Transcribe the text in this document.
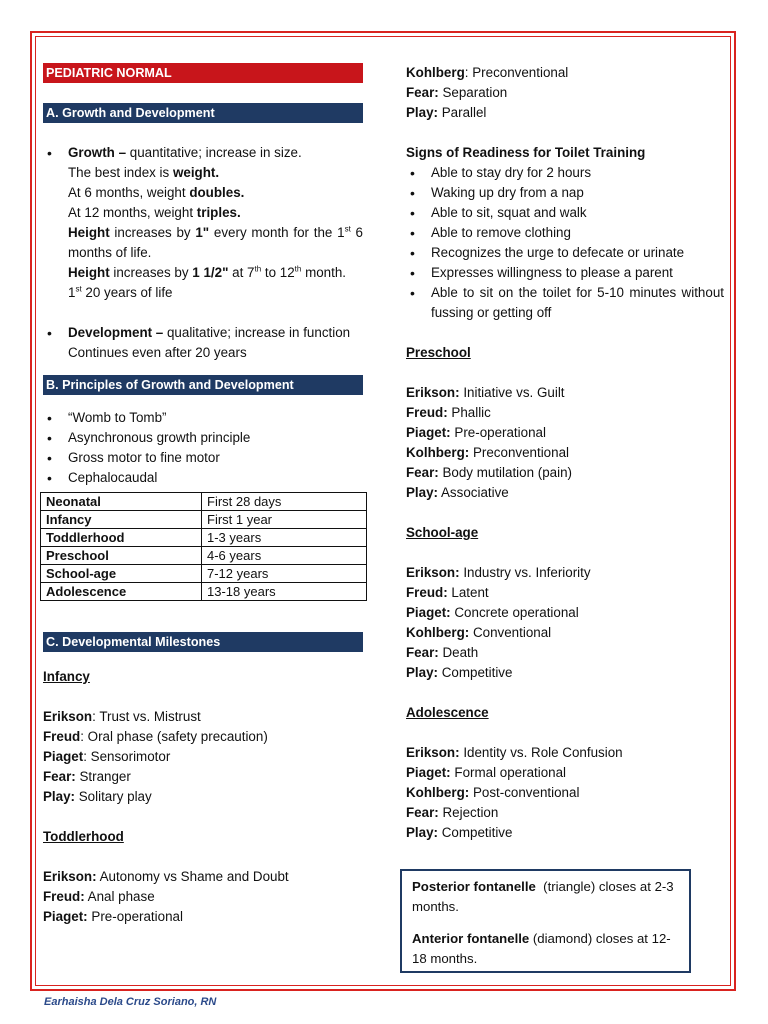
PEDIATRIC NORMAL
A. Growth and Development
• Growth – quantitative; increase in size.
The best index is weight.
At 6 months, weight doubles.
At 12 months, weight triples.
Height increases by 1" every month for the 1st 6 months of life.
Height increases by 1 1/2" at 7th to 12th month.
1st 20 years of life
• Development – qualitative; increase in function
Continues even after 20 years
B. Principles of Growth and Development
• “Womb to Tomb”
• Asynchronous growth principle
• Gross motor to fine motor
• Cephalocaudal
Neonatal	First 28 days
Infancy	First 1 year
Toddlerhood	1-3 years
Preschool	4-6 years
School-age	7-12 years
Adolescence	13-18 years
C. Developmental Milestones
Infancy
Erikson: Trust vs. Mistrust
Freud: Oral phase (safety precaution)
Piaget: Sensorimotor
Fear: Stranger
Play: Solitary play
Toddlerhood
Erikson: Autonomy vs Shame and Doubt
Freud: Anal phase
Piaget: Pre-operational
Kohlberg: Preconventional
Fear: Separation
Play: Parallel
Signs of Readiness for Toilet Training
• Able to stay dry for 2 hours
• Waking up dry from a nap
• Able to sit, squat and walk
• Able to remove clothing
• Recognizes the urge to defecate or urinate
• Expresses willingness to please a parent
• Able to sit on the toilet for 5-10 minutes without fussing or getting off
Preschool
Erikson: Initiative vs. Guilt
Freud: Phallic
Piaget: Pre-operational
Kolhberg: Preconventional
Fear: Body mutilation (pain)
Play: Associative
School-age
Erikson: Industry vs. Inferiority
Freud: Latent
Piaget: Concrete operational
Kohlberg: Conventional
Fear: Death
Play: Competitive
Adolescence
Erikson: Identity vs. Role Confusion
Piaget: Formal operational
Kohlberg: Post-conventional
Fear: Rejection
Play: Competitive
Posterior fontanelle  (triangle) closes at 2-3 months.
Anterior fontanelle (diamond) closes at 12-18 months.
Earhaisha Dela Cruz Soriano, RN
